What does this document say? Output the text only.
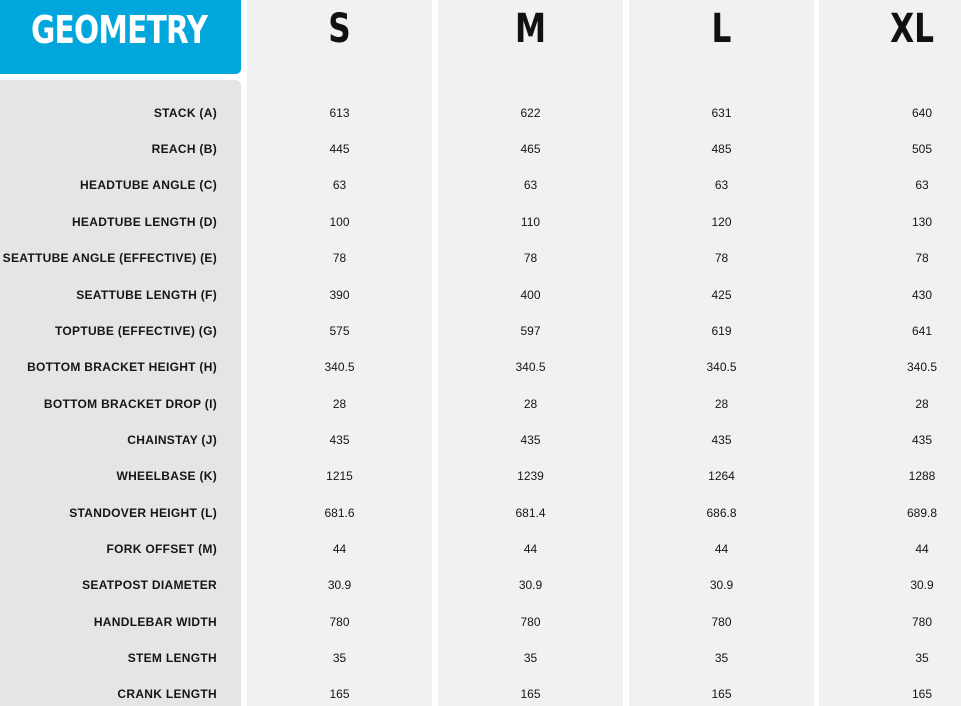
GEOMETRY
STACK (A)
REACH (B)
HEADTUBE ANGLE (C)
HEADTUBE LENGTH (D)
SEATTUBE ANGLE (EFFECTIVE) (E)
SEATTUBE LENGTH (F)
TOPTUBE (EFFECTIVE) (G)
BOTTOM BRACKET HEIGHT (H)
BOTTOM BRACKET DROP (I)
CHAINSTAY (J)
WHEELBASE (K)
STANDOVER HEIGHT (L)
FORK OFFSET (M)
SEATPOST DIAMETER
HANDLEBAR WIDTH
STEM LENGTH
CRANK LENGTH
S
613
445
63
100
78
390
575
340.5
28
435
1215
681.6
44
30.9
780
35
165
M
622
465
63
110
78
400
597
340.5
28
435
1239
681.4
44
30.9
780
35
165
L
631
485
63
120
78
425
619
340.5
28
435
1264
686.8
44
30.9
780
35
165
XL
640
505
63
130
78
430
641
340.5
28
435
1288
689.8
44
30.9
780
35
165
